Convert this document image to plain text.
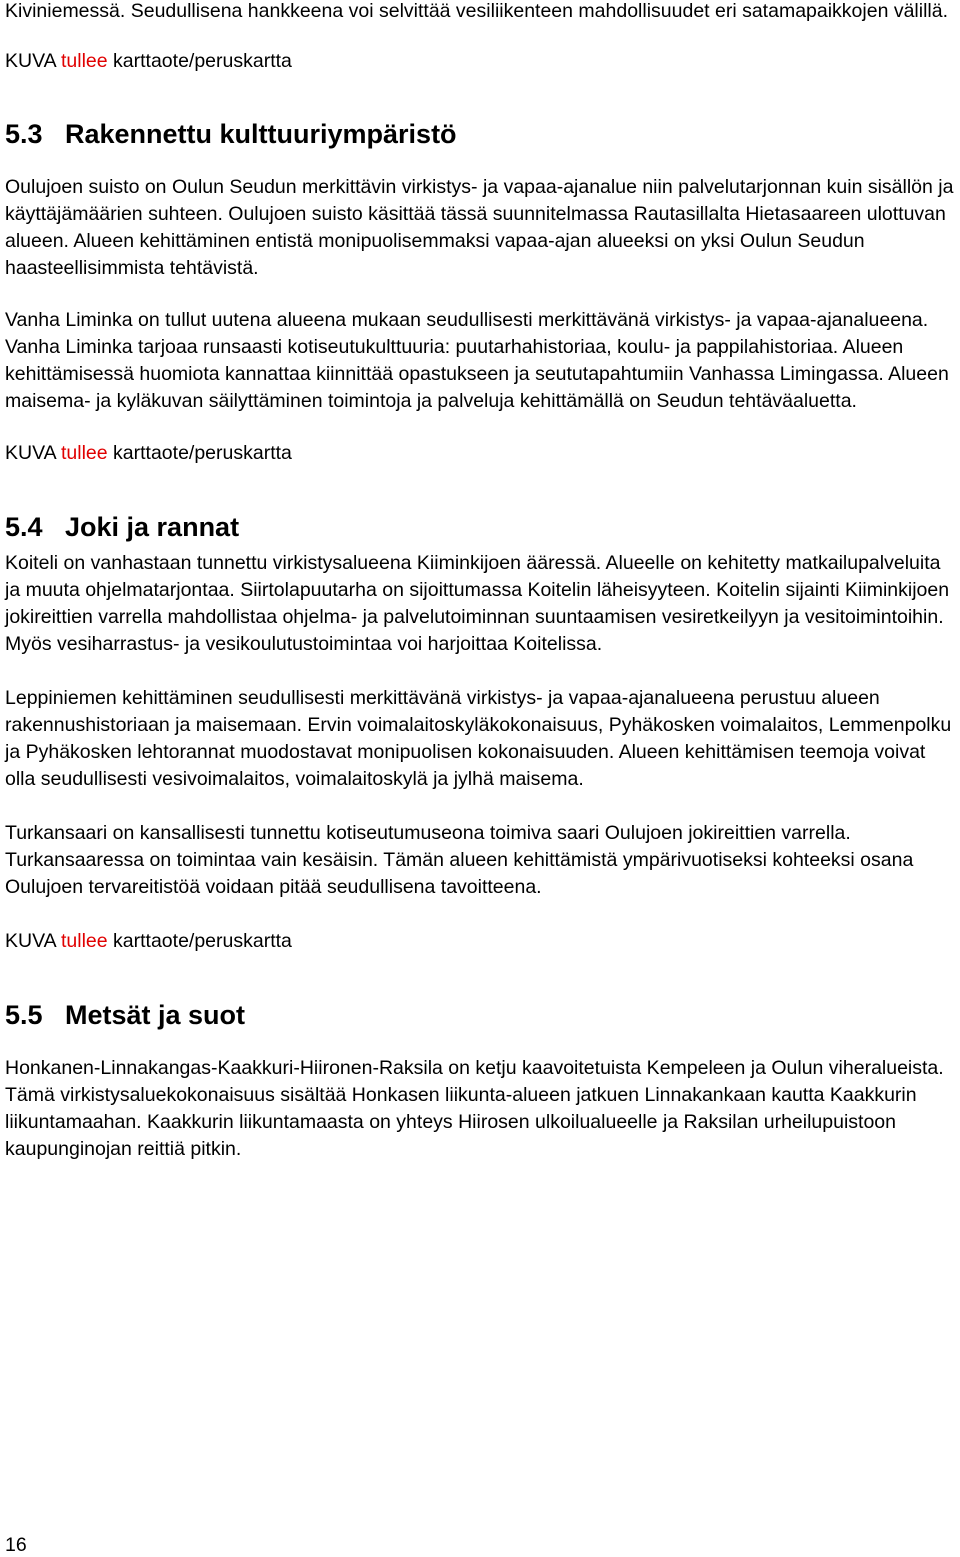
Kiviniemessä. Seudullisena hankkeena voi selvittää vesiliikenteen mahdollisuudet eri satamapaikkojen välillä.

KUVA tullee karttaote/peruskartta

5.3 Rakennettu kulttuuriympäristö

Oulujoen suisto on Oulun Seudun merkittävin virkistys- ja vapaa-ajanalue niin palvelutarjonnan kuin sisällön ja käyttäjämäärien suhteen. Oulujoen suisto käsittää tässä suunnitelmassa Rautasillalta Hietasaareen ulottuvan alueen. Alueen kehittäminen entistä monipuolisemmaksi vapaa-ajan alueeksi on yksi Oulun Seudun haasteellisimmista tehtävistä.

Vanha Liminka on tullut uutena alueena mukaan seudullisesti merkittävänä virkistys- ja vapaa-ajanalueena. Vanha Liminka tarjoaa runsaasti kotiseutukulttuuria: puutarhahistoriaa, koulu- ja pappilahistoriaa. Alueen kehittämisessä huomiota kannattaa kiinnittää opastukseen ja seututapahtumiin Vanhassa Limingassa. Alueen maisema- ja kyläkuvan säilyttäminen toimintoja ja palveluja kehittämällä on Seudun tehtäväaluetta.

KUVA tullee karttaote/peruskartta

5.4 Joki ja rannat

Koiteli on vanhastaan tunnettu virkistysalueena Kiiminkijoen ääressä. Alueelle on kehitetty matkailupalveluita ja muuta ohjelmatarjontaa. Siirtolapuutarha on sijoittumassa Koitelin läheisyyteen. Koitelin sijainti Kiiminkijoen jokireittien varrella mahdollistaa ohjelma- ja palvelutoiminnan suuntaamisen vesiretkeilyyn ja vesitoimintoihin. Myös vesiharrastus- ja vesikoulutustoimintaa voi harjoittaa Koitelissa.

Leppiniemen kehittäminen seudullisesti merkittävänä virkistys- ja vapaa-ajanalueena perustuu alueen rakennushistoriaan ja maisemaan. Ervin voimalaitoskyläkokonaisuus, Pyhäkosken voimalaitos, Lemmenpolku ja Pyhäkosken lehtorannat muodostavat monipuolisen kokonaisuuden. Alueen kehittämisen teemoja voivat olla seudullisesti vesivoimalaitos, voimalaitoskylä ja jylhä maisema.

Turkansaari on kansallisesti tunnettu kotiseutumuseona toimiva saari Oulujoen jokireittien varrella. Turkansaaressa on toimintaa vain kesäisin. Tämän alueen kehittämistä ympärivuotiseksi kohteeksi osana Oulujoen tervareitistöä voidaan pitää seudullisena tavoitteena.

KUVA tullee karttaote/peruskartta

5.5 Metsät ja suot

Honkanen-Linnakangas-Kaakkuri-Hiironen-Raksila on ketju kaavoitetuista Kempeleen ja Oulun viheralueista. Tämä virkistysaluekokonaisuus sisältää Honkasen liikunta-alueen jatkuen Linnakankaan kautta Kaakkurin liikuntamaahan. Kaakkurin liikuntamaasta on yhteys Hiirosen ulkoilualueelle ja Raksilan urheilupuistoon kaupunginojan reittiä pitkin.

16
